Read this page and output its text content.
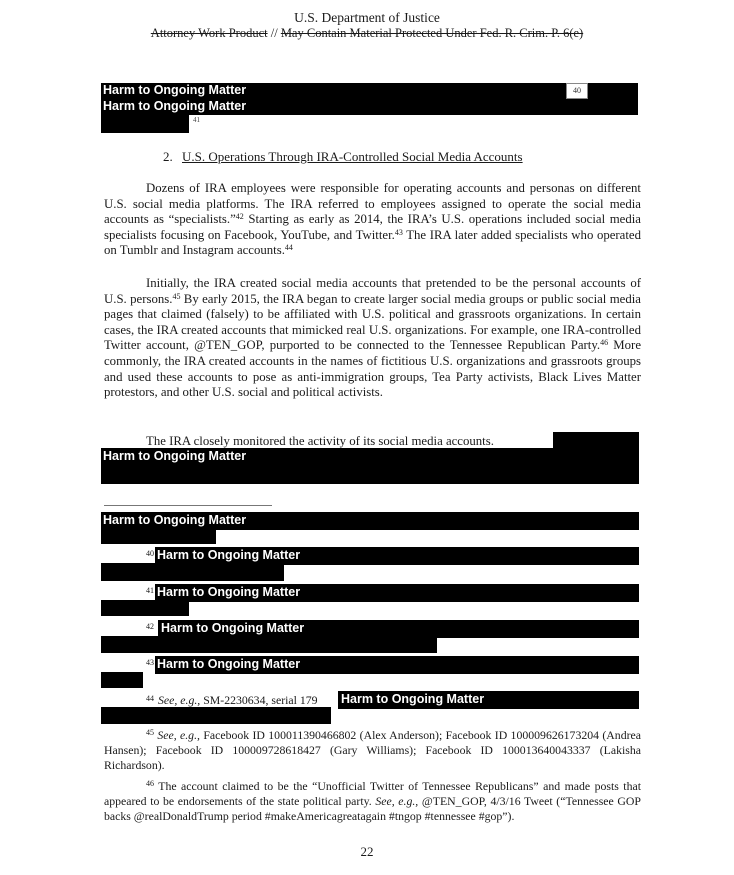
U.S. Department of Justice
Attorney Work Product // May Contain Material Protected Under Fed. R. Crim. P. 6(e)
Harm to Ongoing Matter
Harm to Ongoing Matter
40
41
2. U.S. Operations Through IRA-Controlled Social Media Accounts

Dozens of IRA employees were responsible for operating accounts and personas on different U.S. social media platforms. The IRA referred to employees assigned to operate the social media accounts as “specialists.”$^{42}$ Starting as early as 2014, the IRA’s U.S. operations included social media specialists focusing on Facebook, YouTube, and Twitter.$^{43}$ The IRA later added specialists who operated on Tumblr and Instagram accounts.$^{44}$

Initially, the IRA created social media accounts that pretended to be the personal accounts of U.S. persons.$^{45}$ By early 2015, the IRA began to create larger social media groups or public social media pages that claimed (falsely) to be affiliated with U.S. political and grassroots organizations. In certain cases, the IRA created accounts that mimicked real U.S. organizations. For example, one IRA-controlled Twitter account, @TEN_GOP, purported to be connected to the Tennessee Republican Party.$^{46}$ More commonly, the IRA created accounts in the names of fictitious U.S. organizations and grassroots groups and used these accounts to pose as anti-immigration groups, Tea Party activists, Black Lives Matter protestors, and other U.S. social and political activists.

The IRA closely monitored the activity of its social media accounts.
Harm to Ongoing Matter
Harm to Ongoing Matter
40 Harm to Ongoing Matter
41 Harm to Ongoing Matter
42 Harm to Ongoing Matter
43 Harm to Ongoing Matter
44 See, e.g., SM-2230634, serial 179 Harm to Ongoing Matter
$^{45}$ See, e.g., Facebook ID 100011390466802 (Alex Anderson); Facebook ID 100009626173204 (Andrea Hansen); Facebook ID 100009728618427 (Gary Williams); Facebook ID 100013640043337 (Lakisha Richardson).
$^{46}$ The account claimed to be the “Unofficial Twitter of Tennessee Republicans” and made posts that appeared to be endorsements of the state political party. See, e.g., @TEN_GOP, 4/3/16 Tweet (“Tennessee GOP backs @realDonaldTrump period #makeAmericagreatagain #tngop #tennessee #gop”).
22
